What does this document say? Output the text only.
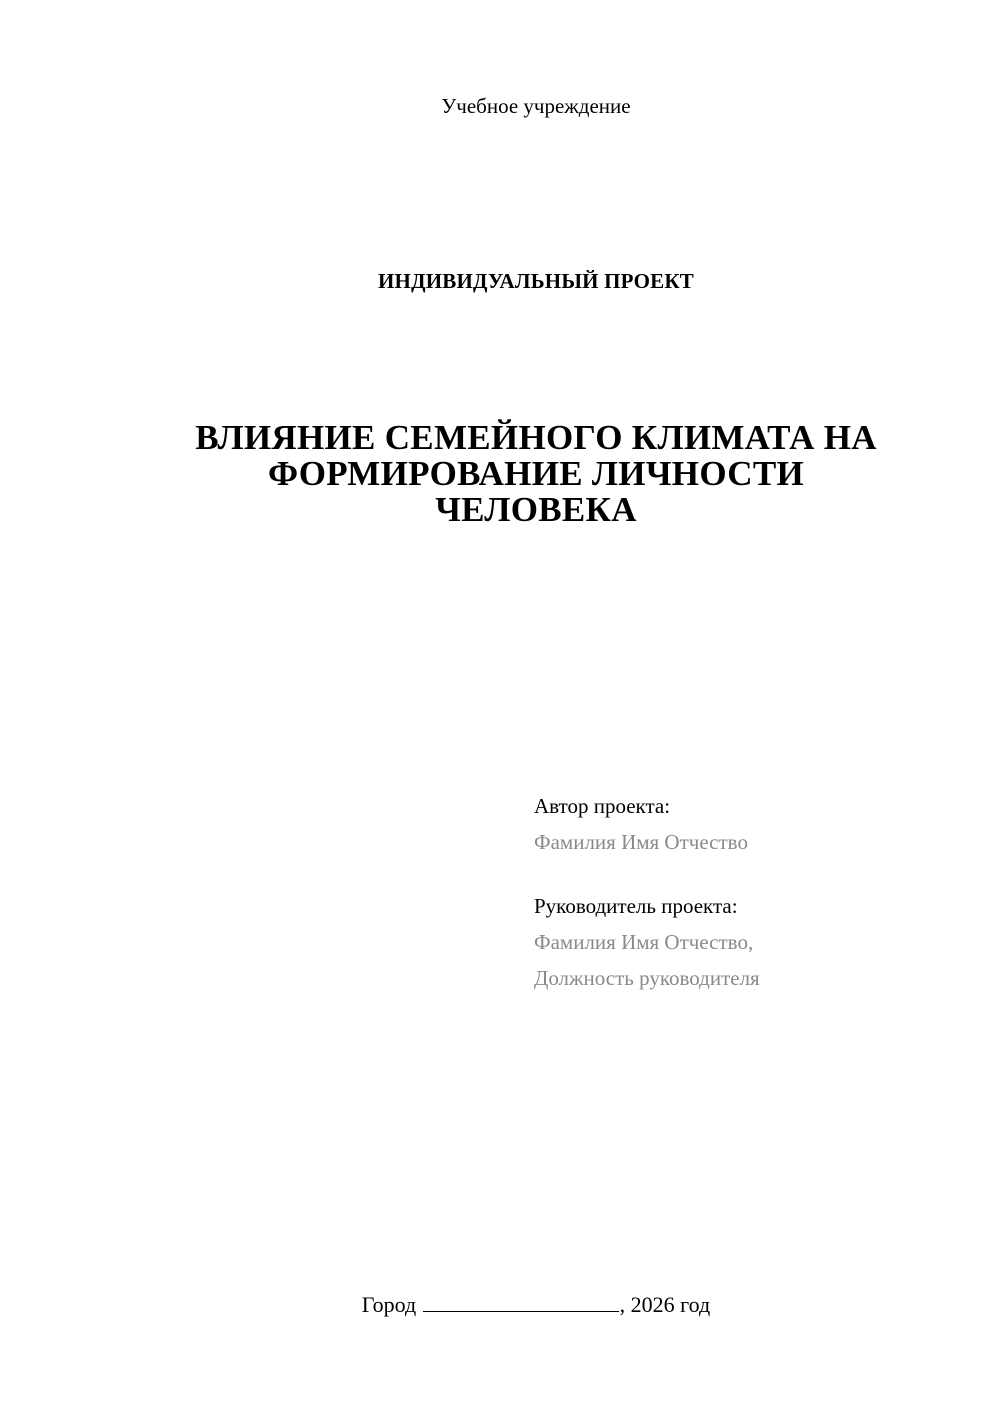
Учебное учреждение
ИНДИВИДУАЛЬНЫЙ ПРОЕКТ
ВЛИЯНИЕ СЕМЕЙНОГО КЛИМАТА НА
ФОРМИРОВАНИЕ ЛИЧНОСТИ
ЧЕЛОВЕКА
Автор проекта:
Фамилия Имя Отчество
Руководитель проекта:
Фамилия Имя Отчество,
Должность руководителя
Город	, 2026 год
